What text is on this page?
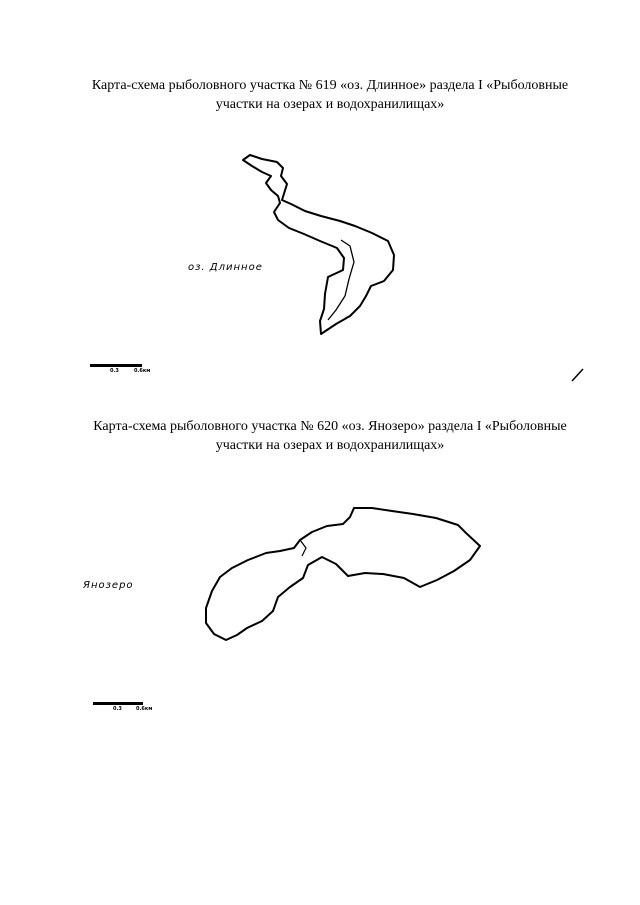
Карта-схема рыболовного участка № 619 «оз. Длинное» раздела I «Рыболовные
участки на озерах и водохранилищах»
Карта-схема рыболовного участка № 620 «оз. Янозеро» раздела I «Рыболовные
участки на озерах и водохранилищах»
оз. Длинное
Янозеро
0.3	0.6км
0.3	0.6км
